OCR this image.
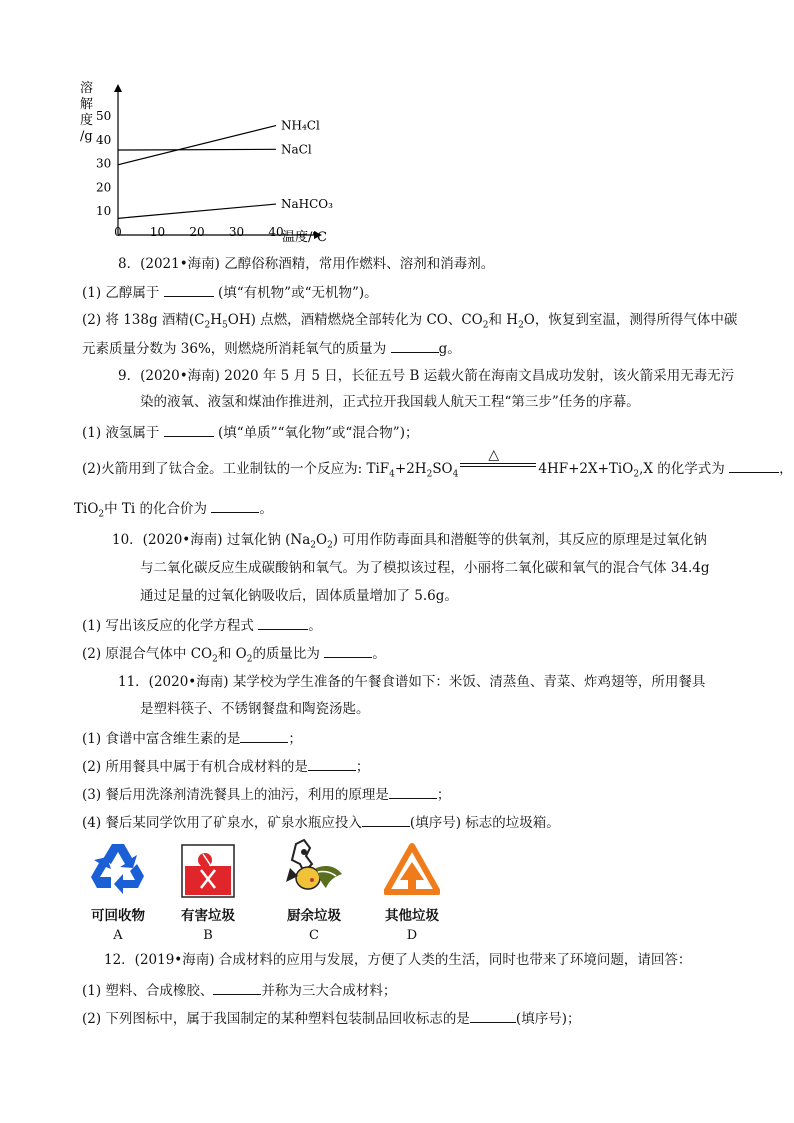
溶
解
度
/g
0 10 20 30 40
10
20
30
40
50
NH₄Cl
NaCl
NaHCO₃
温度/℃
8．(2021•海南) 乙醇俗称酒精，常用作燃料、溶剂和消毒剂。
(1) 乙醇属于	(填“有机物”或“无机物”)。
(2) 将 138g 酒精$(C_2H_5OH)$ 点燃，酒精燃烧全部转化为 CO、$CO_2$和 $H_2O$，恢复到室温，测得所得气体中碳
元素质量分数为 36%，则燃烧所消耗氧气的质量为	g。
9．(2020•海南) 2020 年 5 月 5 日，长征五号 B 运载火箭在海南文昌成功发射，该火箭采用无毒无污
染的液氧、液氢和煤油作推进剂，正式拉开我国载人航天工程“第三步”任务的序幕。
(1) 液氢属于	(填“单质”“氧化物”或“混合物”)；
(2)火箭用到了钛合金。工业制钛的一个反应为: $TiF_4+2H_2SO_4$
△
4HF+2X+TiO$_2$,X 的化学式为	，
TiO$_2$中 Ti 的化合价为	。
10．(2020•海南) 过氧化钠 $(Na_2O_2)$ 可用作防毒面具和潜艇等的供氧剂，其反应的原理是过氧化钠
与二氧化碳反应生成碳酸钠和氧气。为了模拟该过程，小丽将二氧化碳和氧气的混合气体 34.4g
通过足量的过氧化钠吸收后，固体质量增加了 5.6g。
(1) 写出该反应的化学方程式	。
(2) 原混合气体中 $CO_2$和 $O_2$的质量比为	。
11．(2020•海南) 某学校为学生准备的午餐食谱如下：米饭、清蒸鱼、青菜、炸鸡翅等，所用餐具
是塑料筷子、不锈钢餐盘和陶瓷汤匙。
(1) 食谱中富含维生素的是	；
(2) 所用餐具中属于有机合成材料的是	；
(3) 餐后用洗涤剂清洗餐具上的油污，利用的原理是	；
(4) 餐后某同学饮用了矿泉水，矿泉水瓶应投入	(填序号) 标志的垃圾箱。
可回收物
A
有害垃圾
B
厨余垃圾
C
其他垃圾
D
12．(2019•海南) 合成材料的应用与发展，方便了人类的生活，同时也带来了环境问题，请回答：
(1) 塑料、合成橡胶、	并称为三大合成材料；
(2) 下列图标中，属于我国制定的某种塑料包装制品回收标志的是	(填序号)；
